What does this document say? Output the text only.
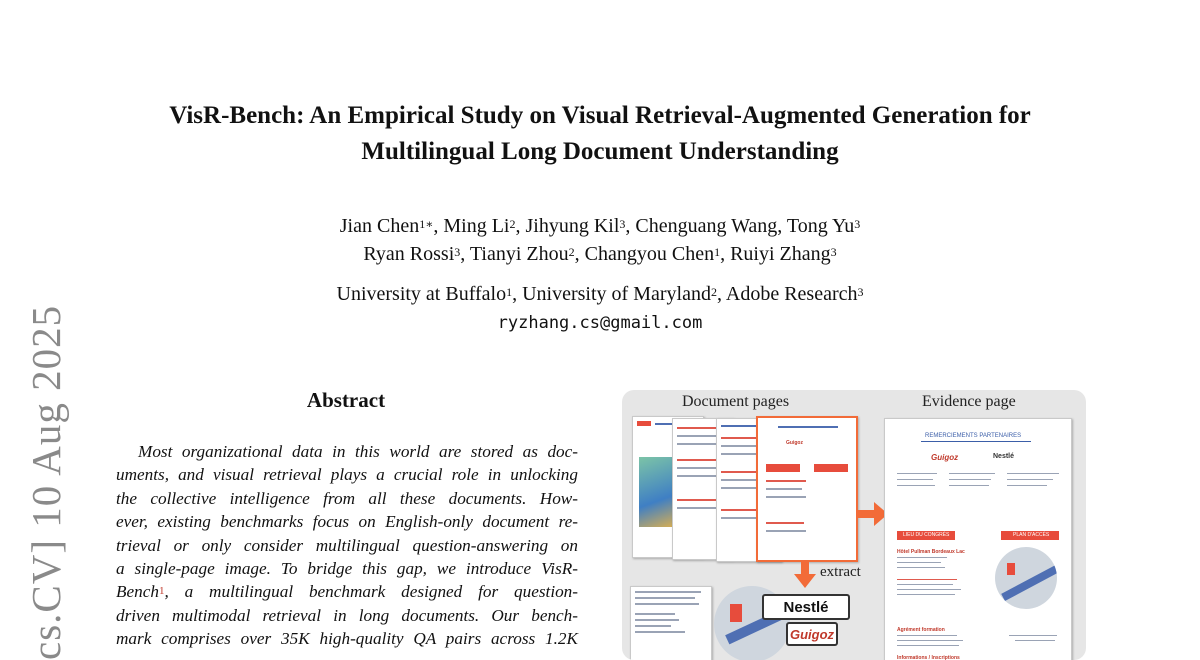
cs.CV] 10 Aug 2025
VisR-Bench: An Empirical Study on Visual Retrieval-Augmented Generation for
Multilingual Long Document Understanding
Jian Chen$^{1∗}$, Ming Li$^2$, Jihyung Kil$^3$, Chenguang Wang, Tong Yu$^3$
Ryan Rossi$^3$, Tianyi Zhou$^2$, Changyou Chen$^1$, Ruiyi Zhang$^3$
University at Buffalo$^1$, University of Maryland$^2$, Adobe Research$^3$
ryzhang.cs@gmail.com
Abstract
Most organizational data in this world are stored as doc-
uments, and visual retrieval plays a crucial role in unlocking
the collective intelligence from all these documents. How-
ever, existing benchmarks focus on English-only document re-
trieval or only consider multilingual question-answering on
a single-page image. To bridge this gap, we introduce VisR-
Bench$^1$, a multilingual benchmark designed for question-
driven multimodal retrieval in long documents. Our bench-
mark comprises over 35K high-quality QA pairs across 1.2K
Document pages	Evidence page
Guigoz
extract
Nestlé
Guigoz
REMERCIEMENTS PARTENAIRES
Guigoz	Nestlé
LIEU DU CONGRÈS	PLAN D'ACCÈS
Hôtel Pullman Bordeaux Lac
Agrément formation
Informations / Inscriptions
